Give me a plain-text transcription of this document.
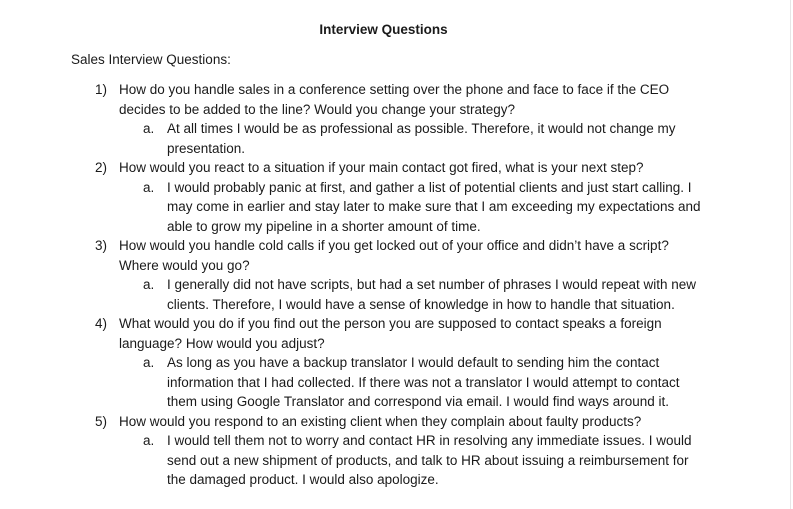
Interview Questions
Sales Interview Questions:
1) How do you handle sales in a conference setting over the phone and face to face if the CEO decides to be added to the line? Would you change your strategy?
a. At all times I would be as professional as possible. Therefore, it would not change my presentation.
2) How would you react to a situation if your main contact got fired, what is your next step?
a. I would probably panic at first, and gather a list of potential clients and just start calling. I may come in earlier and stay later to make sure that I am exceeding my expectations and able to grow my pipeline in a shorter amount of time.
3) How would you handle cold calls if you get locked out of your office and didn’t have a script? Where would you go?
a. I generally did not have scripts, but had a set number of phrases I would repeat with new clients. Therefore, I would have a sense of knowledge in how to handle that situation.
4) What would you do if you find out the person you are supposed to contact speaks a foreign language? How would you adjust?
a. As long as you have a backup translator I would default to sending him the contact information that I had collected. If there was not a translator I would attempt to contact them using Google Translator and correspond via email. I would find ways around it.
5) How would you respond to an existing client when they complain about faulty products?
a. I would tell them not to worry and contact HR in resolving any immediate issues. I would send out a new shipment of products, and talk to HR about issuing a reimbursement for the damaged product. I would also apologize.
